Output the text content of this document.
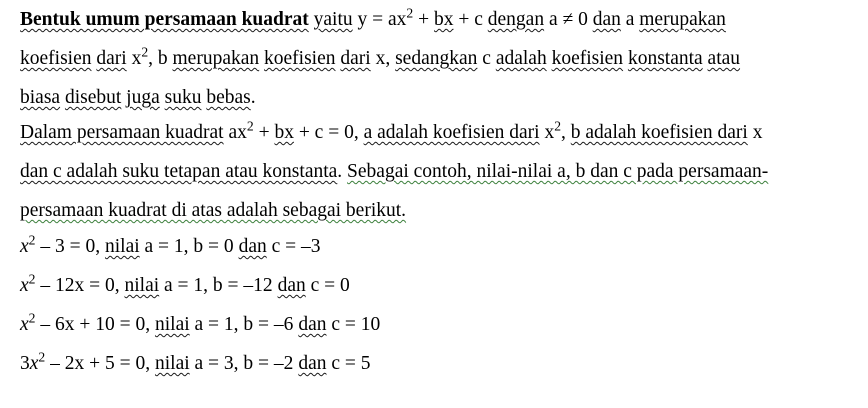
Bentuk umum persamaan kuadrat yaitu $y = ax^2$ + bx + c dengan a ≠ 0 dan a merupakan
koefisien dari $x^2$, b merupakan koefisien dari x, sedangkan c adalah koefisien konstanta atau
biasa disebut juga suku bebas.
Dalam persamaan kuadrat $ax^2$ + bx + c = 0, a adalah koefisien dari $x^2$, b adalah koefisien dari x
dan c adalah suku tetapan atau konstanta. Sebagai contoh, nilai-nilai a, b dan c pada persamaan-
persamaan kuadrat di atas adalah sebagai berikut.
$x^2 - 3 = 0$, nilai a = 1, b = 0 dan c = –3
$x^2 - 12x = 0$, nilai a = 1, b = –12 dan c = 0
$x^2 - 6x + 10 = 0$, nilai a = 1, b = –6 dan c = 10
$3x^2 - 2x + 5 = 0$, nilai a = 3, b = –2 dan c = 5
